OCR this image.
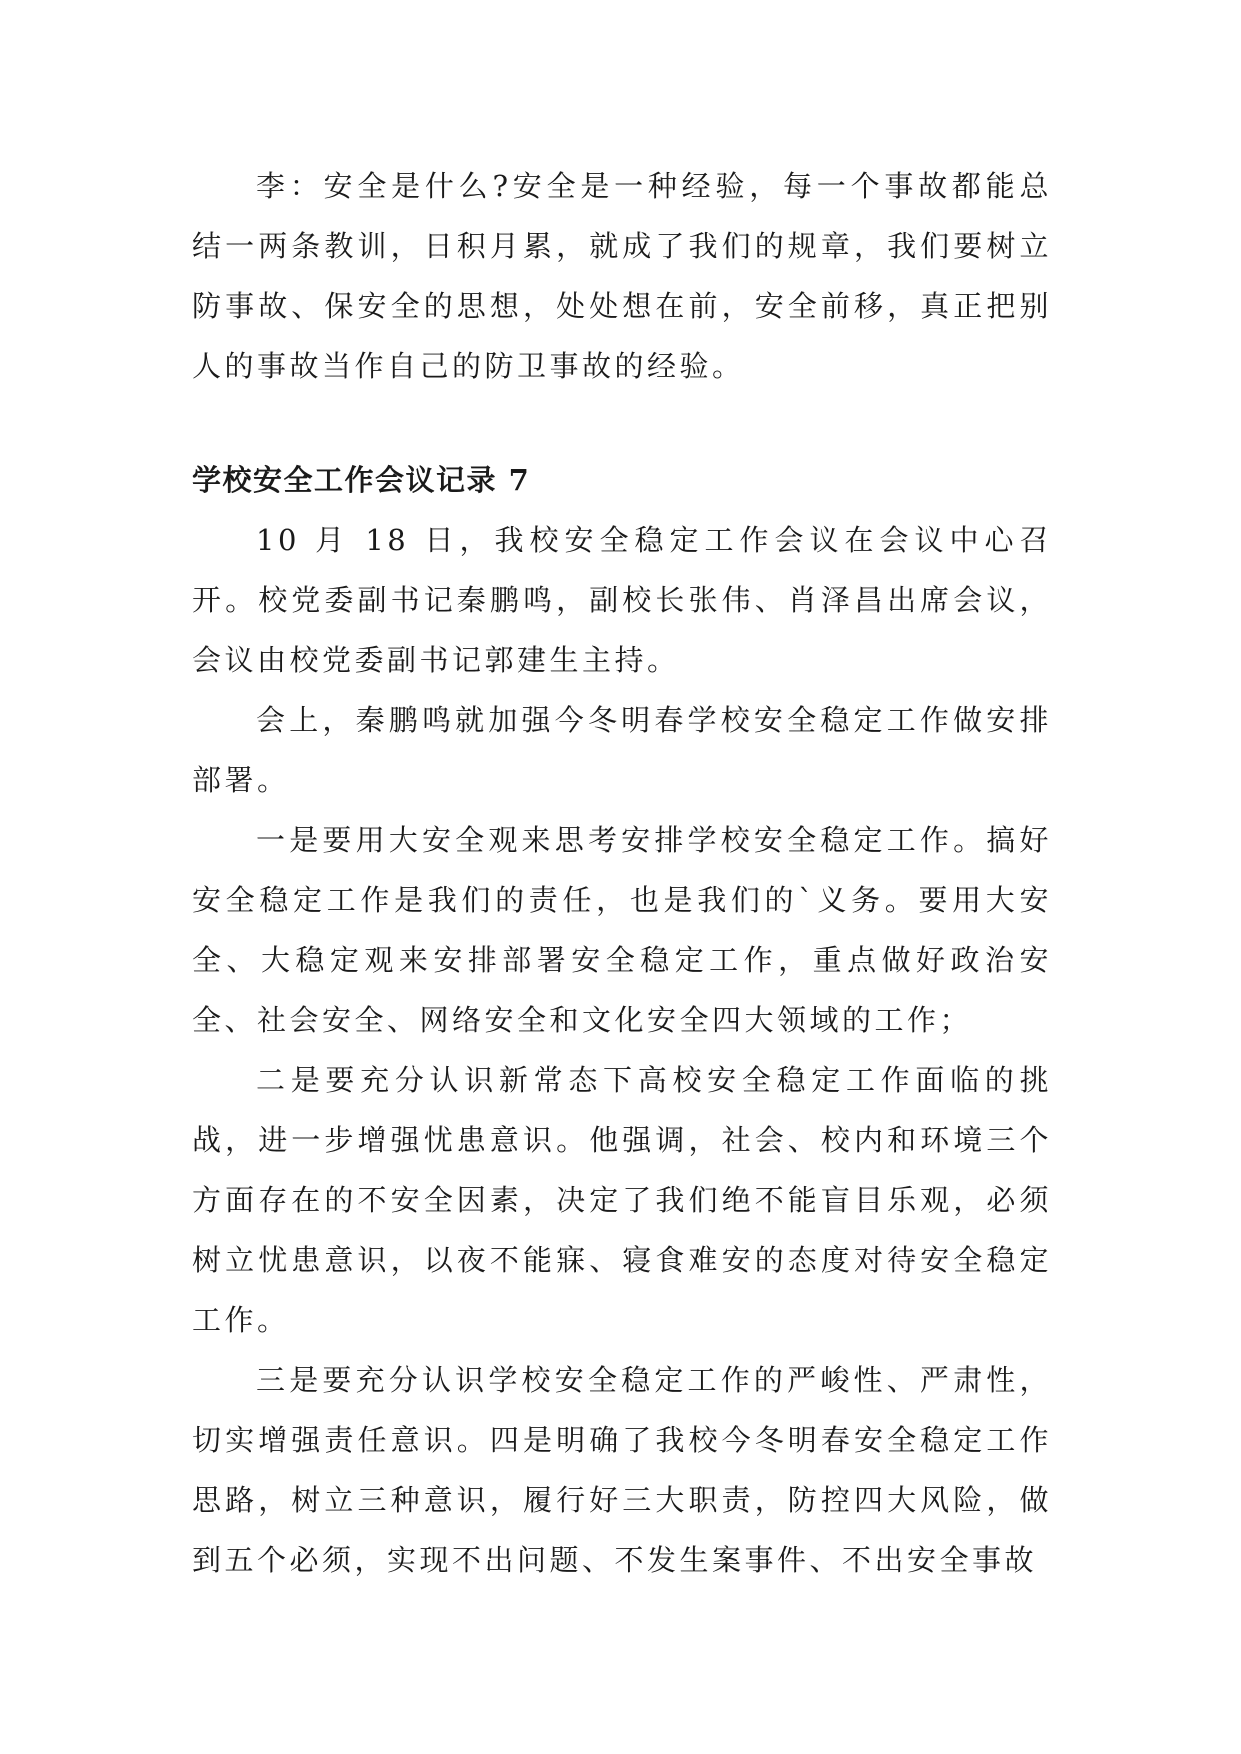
李：安全是什么?安全是一种经验，每一个事故都能总结一两条教训，日积月累，就成了我们的规章，我们要树立防事故、保安全的思想，处处想在前，安全前移，真正把别人的事故当作自己的防卫事故的经验。

学校安全工作会议记录 7

10 月 18 日，我校安全稳定工作会议在会议中心召开。校党委副书记秦鹏鸣，副校长张伟、肖泽昌出席会议，会议由校党委副书记郭建生主持。

会上，秦鹏鸣就加强今冬明春学校安全稳定工作做安排部署。

一是要用大安全观来思考安排学校安全稳定工作。搞好安全稳定工作是我们的责任，也是我们的`义务。要用大安全、大稳定观来安排部署安全稳定工作，重点做好政治安全、社会安全、网络安全和文化安全四大领域的工作；

二是要充分认识新常态下高校安全稳定工作面临的挑战，进一步增强忧患意识。他强调，社会、校内和环境三个方面存在的不安全因素，决定了我们绝不能盲目乐观，必须树立忧患意识，以夜不能寐、寝食难安的态度对待安全稳定工作。

三是要充分认识学校安全稳定工作的严峻性、严肃性，切实增强责任意识。四是明确了我校今冬明春安全稳定工作思路，树立三种意识，履行好三大职责，防控四大风险，做到五个必须，实现不出问题、不发生案事件、不出安全事故
